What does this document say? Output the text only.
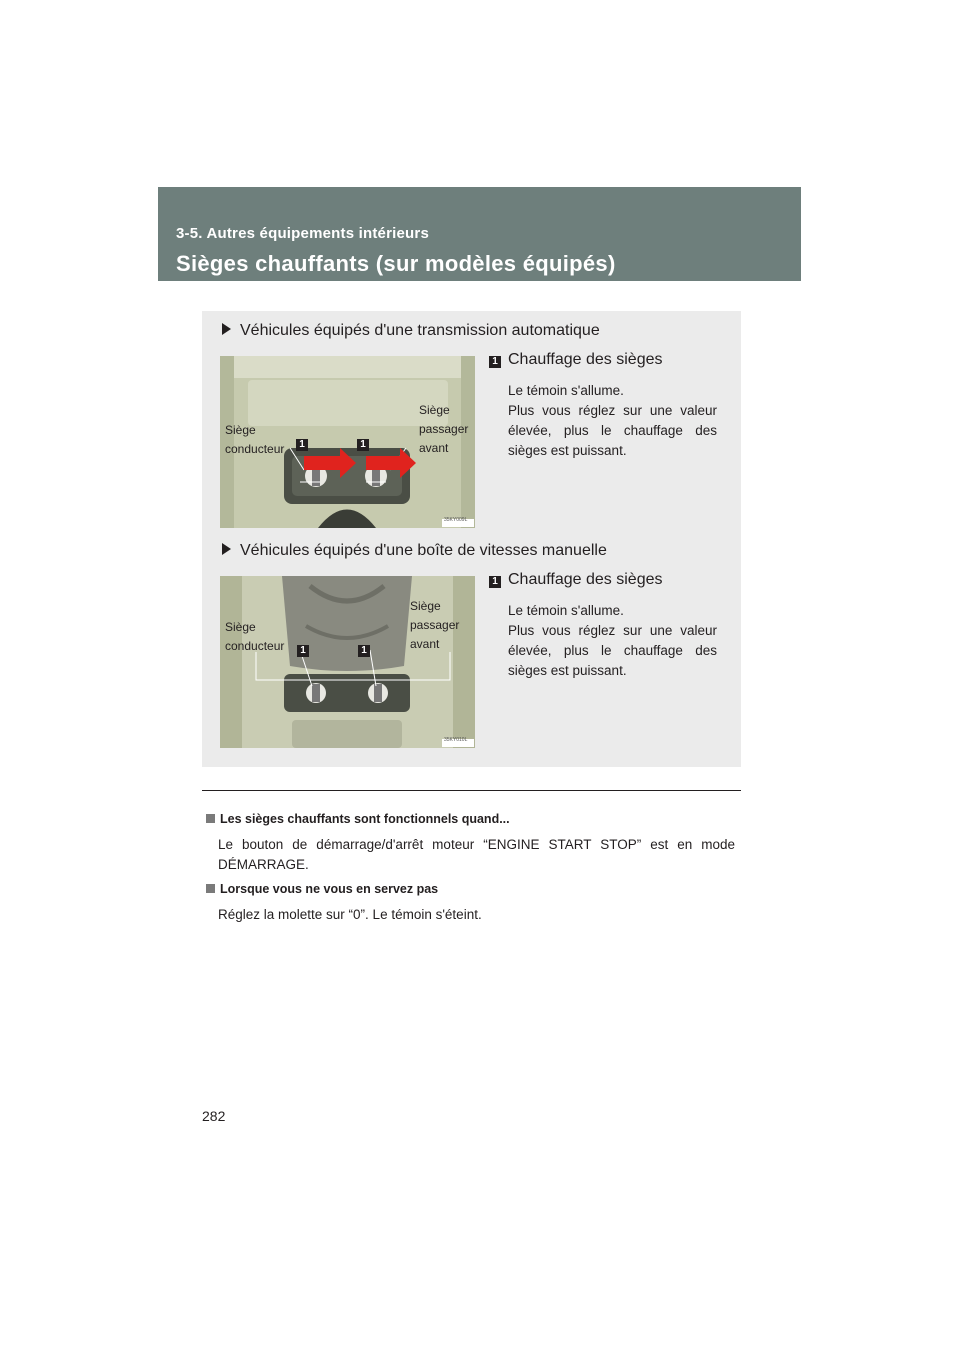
3-5. Autres équipements intérieurs
Sièges chauffants (sur modèles équipés)
Véhicules équipés d'une transmission automatique
1	1
Siège conducteur
Siège passager avant
35KY009L
1 Chauffage des sièges

Le témoin s'allume.

Plus vous réglez sur une valeur élevée, plus le chauffage des sièges est puissant.

Véhicules équipés d'une boîte de vitesses manuelle
1	1
Siège conducteur
Siège passager avant
35KY010L
1 Chauffage des sièges

Le témoin s'allume.

Plus vous réglez sur une valeur élevée, plus le chauffage des sièges est puissant.

Les sièges chauffants sont fonctionnels quand...
Le bouton de démarrage/d'arrêt moteur “ENGINE START STOP” est en mode DÉMARRAGE.
Lorsque vous ne vous en servez pas
Réglez la molette sur “0”. Le témoin s'éteint.
282
